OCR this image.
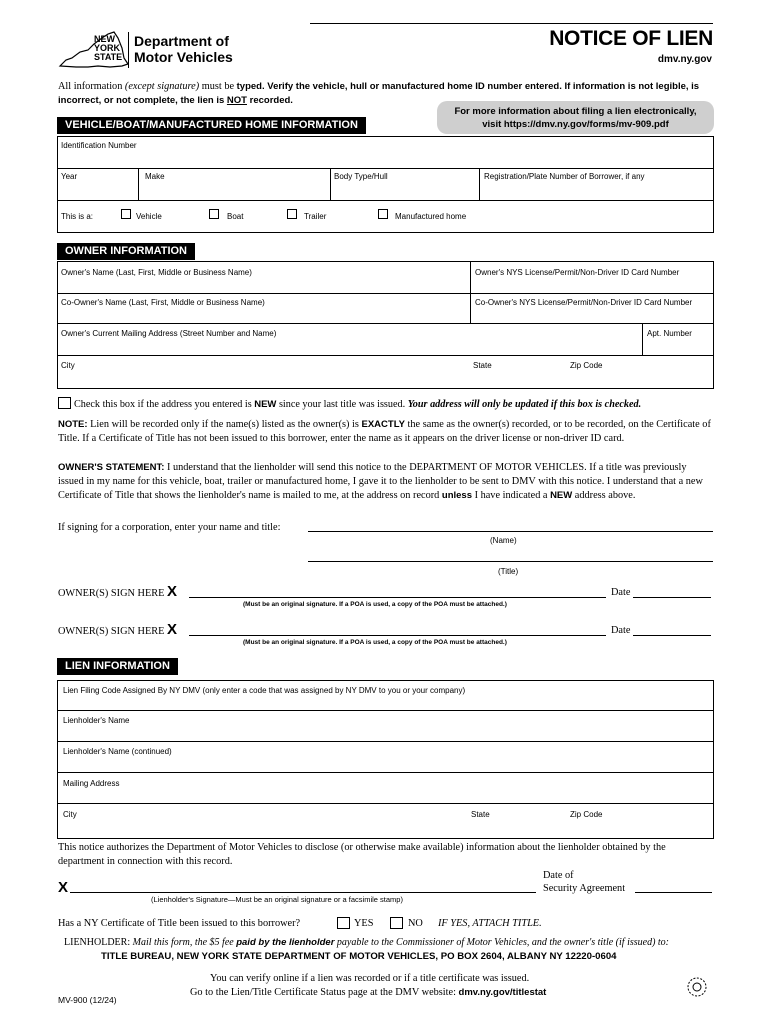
NEW
YORK
STATE
Department of
Motor Vehicles
NOTICE OF LIEN
dmv.ny.gov
All information (except signature) must be typed. Verify the vehicle, hull or manufactured home ID number entered. If information is not legible, is incorrect, or not complete, the lien is NOT recorded.
For more information about filing a lien electronically,
visit https://dmv.ny.gov/forms/mv-909.pdf
VEHICLE/BOAT/MANUFACTURED HOME INFORMATION
Identification Number
Year	Make	Body Type/Hull	Registration/Plate Number of Borrower, if any
This is a:	Vehicle	Boat	Trailer	Manufactured home
OWNER INFORMATION
Owner's Name (Last, First, Middle or Business Name)	Owner's NYS License/Permit/Non-Driver ID Card Number
Co-Owner's Name (Last, First, Middle or Business Name)	Co-Owner's NYS License/Permit/Non-Driver ID Card Number
Owner's Current Mailing Address (Street Number and Name)	Apt. Number
City	State	Zip Code
Check this box if the address you entered is NEW since your last title was issued. Your address will only be updated if this box is checked.
NOTE: Lien will be recorded only if the name(s) listed as the owner(s) is EXACTLY the same as the owner(s) recorded, or to be recorded, on the Certificate of Title. If a Certificate of Title has not been issued to this borrower, enter the name as it appears on the driver license or non-driver ID card.
OWNER'S STATEMENT: I understand that the lienholder will send this notice to the DEPARTMENT OF MOTOR VEHICLES. If a title was previously issued in my name for this vehicle, boat, trailer or manufactured home, I gave it to the lienholder to be sent to DMV with this notice. I understand that a new Certificate of Title that shows the lienholder's name is mailed to me, at the address on record unless I have indicated a NEW address above.
If signing for a corporation, enter your name and title:
(Name)
(Title)
OWNER(S) SIGN HERE X	Date
(Must be an original signature. If a POA is used, a copy of the POA must be attached.)
OWNER(S) SIGN HERE X	Date
(Must be an original signature. If a POA is used, a copy of the POA must be attached.)
LIEN INFORMATION
Lien Filing Code Assigned By NY DMV (only enter a code that was assigned by NY DMV to you or your company)
Lienholder's Name
Lienholder's Name (continued)
Mailing Address
City	State	Zip Code
This notice authorizes the Department of Motor Vehicles to disclose (or otherwise make available) information about the lienholder obtained by the department in connection with this record.
X
(Lienholder's Signature—Must be an original signature or a facsimile stamp)
Date of
Security Agreement
Has a NY Certificate of Title been issued to this borrower?	YES	NO IF YES, ATTACH TITLE.
LIENHOLDER: Mail this form, the $5 fee paid by the lienholder payable to the Commissioner of Motor Vehicles, and the owner's title (if issued) to:
TITLE BUREAU, NEW YORK STATE DEPARTMENT OF MOTOR VEHICLES, PO BOX 2604, ALBANY NY 12220-0604
You can verify online if a lien was recorded or if a title certificate was issued.
Go to the Lien/Title Certificate Status page at the DMV website: dmv.ny.gov/titlestat
MV-900 (12/24)
